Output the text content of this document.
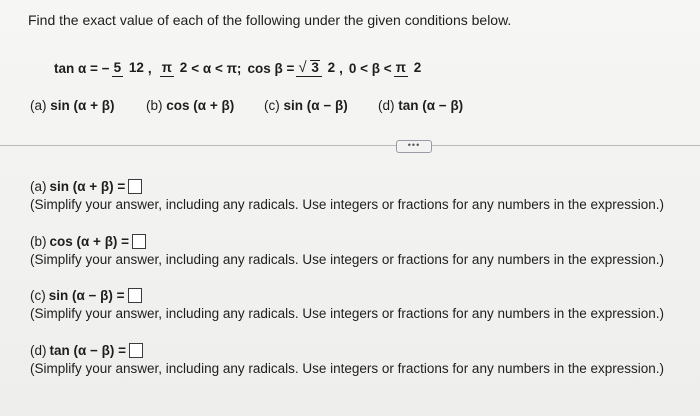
Find the exact value of each of the following under the given conditions below.
tan α = − 5 12 , π 2 < α < π; cos β = √ 3 2 , 0 < β < π 2
(a) sin (α + β) (b) cos (α + β) (c) sin (α − β) (d) tan (α − β)
•••
(a) sin (α + β) =
(Simplify your answer, including any radicals. Use integers or fractions for any numbers in the expression.)
(b) cos (α + β) =
(Simplify your answer, including any radicals. Use integers or fractions for any numbers in the expression.)
(c) sin (α − β) =
(Simplify your answer, including any radicals. Use integers or fractions for any numbers in the expression.)
(d) tan (α − β) =
(Simplify your answer, including any radicals. Use integers or fractions for any numbers in the expression.)
